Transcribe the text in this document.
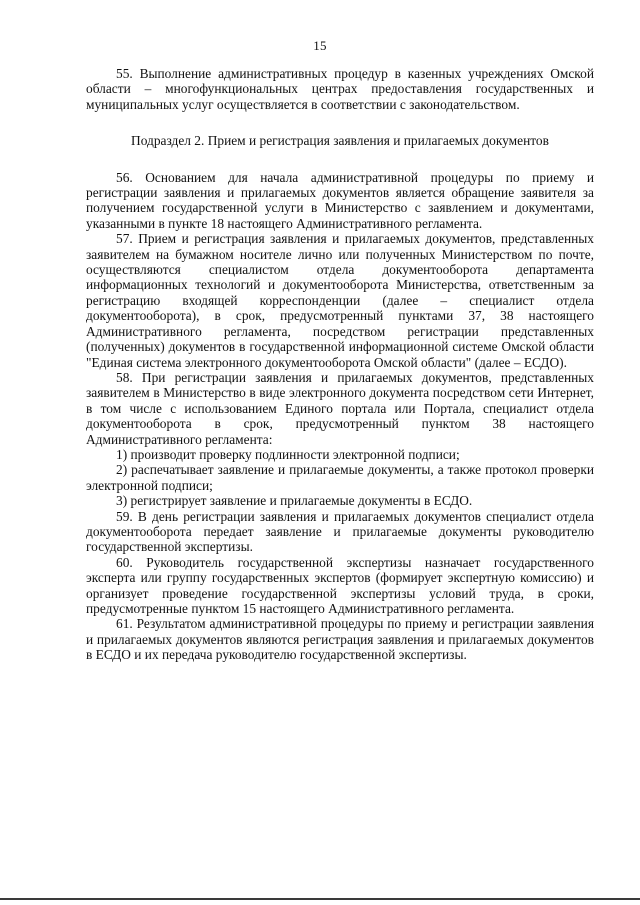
15

55. Выполнение административных процедур в казенных учреждениях Омской области – многофункциональных центрах предоставления государственных и муниципальных услуг осуществляется в соответствии с законодательством.

Подраздел 2. Прием и регистрация заявления и прилагаемых документов

56. Основанием для начала административной процедуры по приему и регистрации заявления и прилагаемых документов является обращение заявителя за получением государственной услуги в Министерство с заявлением и документами, указанными в пункте 18 настоящего Административного регламента.

57. Прием и регистрация заявления и прилагаемых документов, представленных заявителем на бумажном носителе лично или полученных Министерством по почте, осуществляются специалистом отдела документооборота департамента информационных технологий и документооборота Министерства, ответственным за регистрацию входящей корреспонденции (далее – специалист отдела документооборота), в срок, предусмотренный пунктами 37, 38 настоящего Административного регламента, посредством регистрации представленных (полученных) документов в государственной информационной системе Омской области "Единая система электронного документооборота Омской области" (далее – ЕСДО).

58. При регистрации заявления и прилагаемых документов, представленных заявителем в Министерство в виде электронного документа посредством сети Интернет, в том числе с использованием Единого портала или Портала, специалист отдела документооборота в срок, предусмотренный пунктом 38 настоящего Административного регламента:

1) производит проверку подлинности электронной подписи;

2) распечатывает заявление и прилагаемые документы, а также протокол проверки электронной подписи;

3) регистрирует заявление и прилагаемые документы в ЕСДО.

59. В день регистрации заявления и прилагаемых документов специалист отдела документооборота передает заявление и прилагаемые документы руководителю государственной экспертизы.

60. Руководитель государственной экспертизы назначает государственного эксперта или группу государственных экспертов (формирует экспертную комиссию) и организует проведение государственной экспертизы условий труда, в сроки, предусмотренные пунктом 15 настоящего Административного регламента.

61. Результатом административной процедуры по приему и регистрации заявления и прилагаемых документов являются регистрация заявления и прилагаемых документов в ЕСДО и их передача руководителю государственной экспертизы.
